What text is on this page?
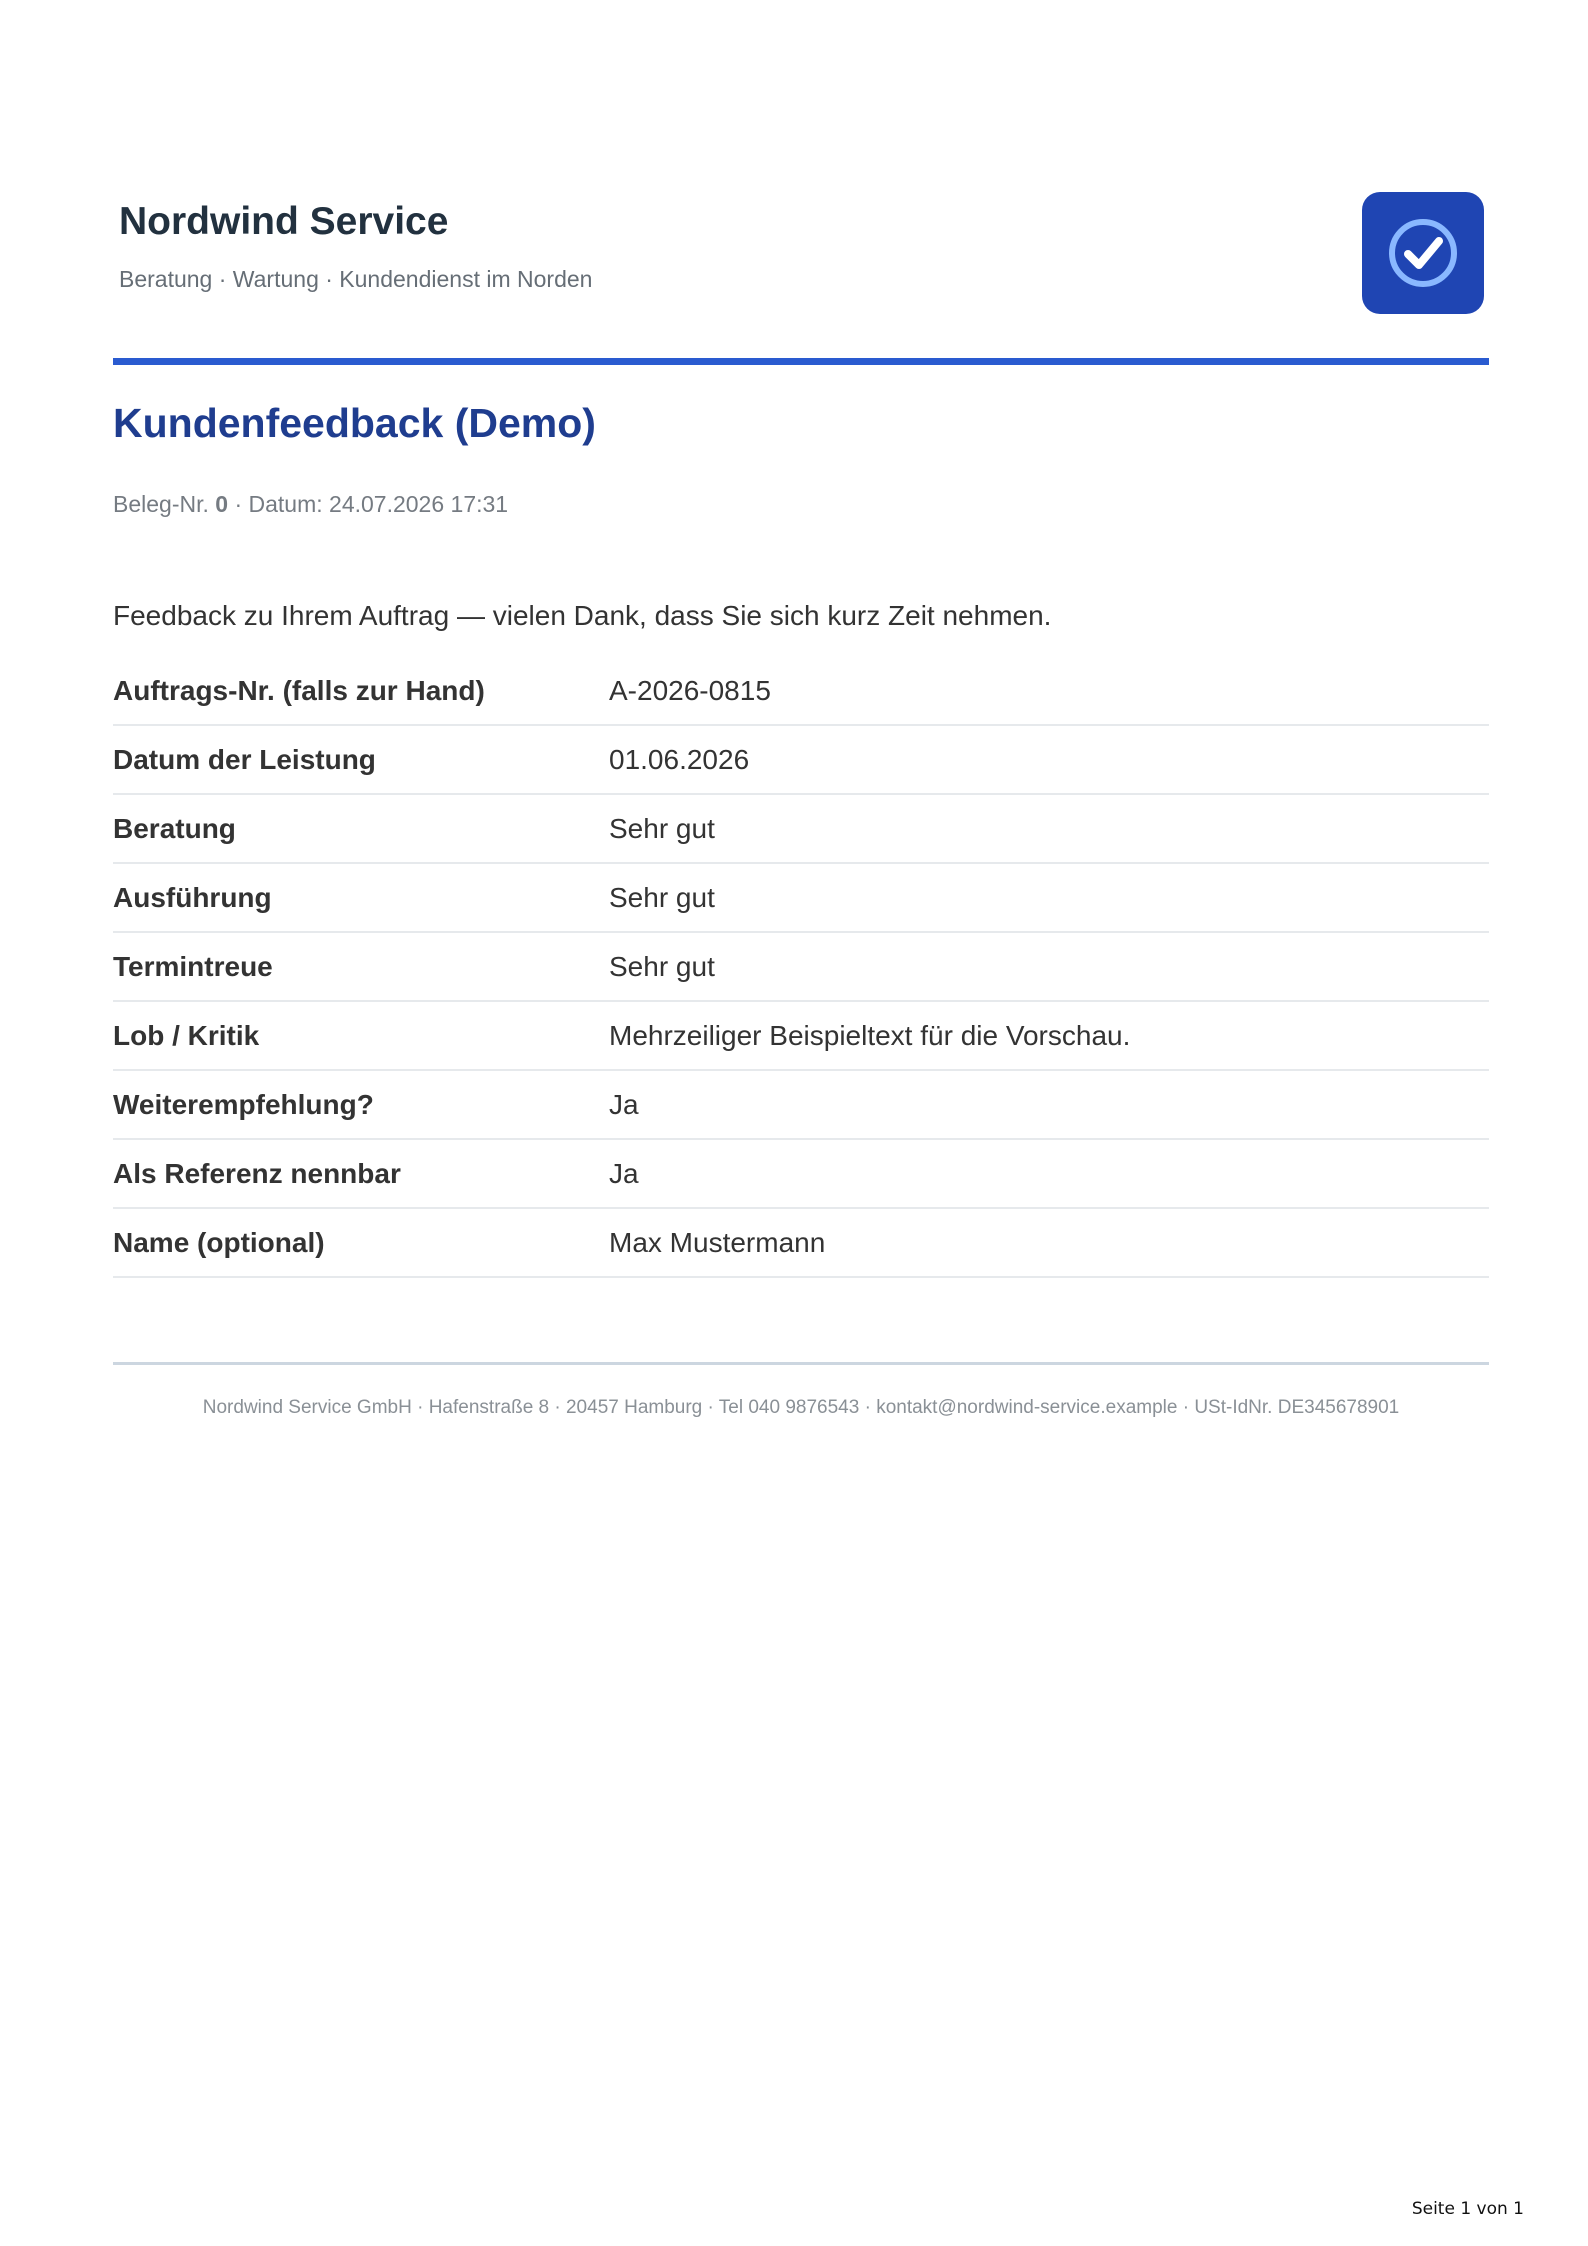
Nordwind Service
Beratung · Wartung · Kundendienst im Norden
Kundenfeedback (Demo)
Beleg-Nr. 0 · Datum: 24.07.2026 17:31
Feedback zu Ihrem Auftrag — vielen Dank, dass Sie sich kurz Zeit nehmen.
Auftrags-Nr. (falls zur Hand)	A-2026-0815
Datum der Leistung	01.06.2026
Beratung	Sehr gut
Ausführung	Sehr gut
Termintreue	Sehr gut
Lob / Kritik	Mehrzeiliger Beispieltext für die Vorschau.
Weiterempfehlung?	Ja
Als Referenz nennbar	Ja
Name (optional)	Max Mustermann
Nordwind Service GmbH · Hafenstraße 8 · 20457 Hamburg · Tel 040 9876543 · kontakt@nordwind-service.example · USt-IdNr. DE345678901
Seite 1 von 1
